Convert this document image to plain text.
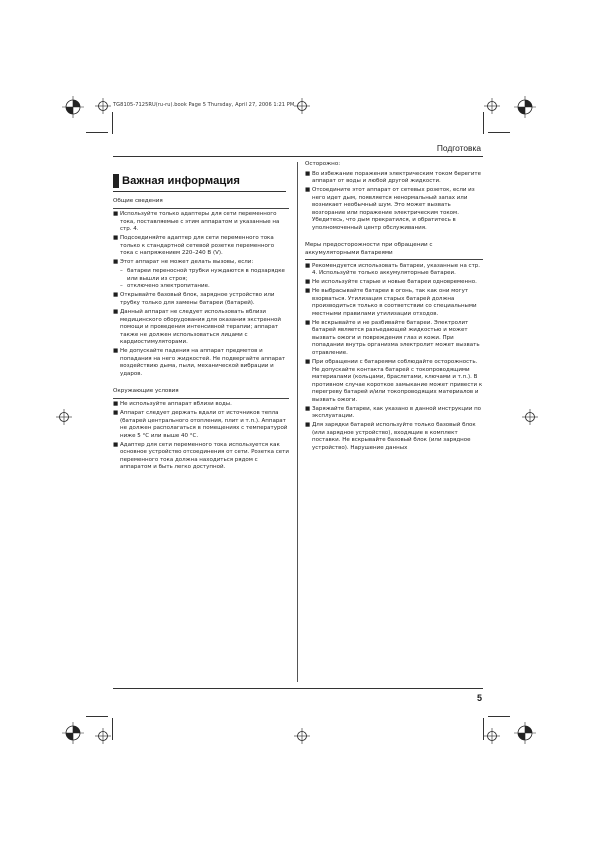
TG8105-7125RU(ru-ru).book Page 5 Thursday, April 27, 2006 1:21 PM
Подготовка
Важная информация
Общие сведения
■ Используйте только адаптеры для сети переменного тока, поставляемые с этим аппаратом и указанные на стр. 4.
■ Подсоединяйте адаптер для сети переменного тока только к стандартной сетевой розетке переменного тока с напряжением 220–240 В (V).
■ Этот аппарат не может делать вызовы, если:
– батареи переносной трубки нуждаются в подзарядке или вышли из строя;
– отключено электропитание.
■ Открывайте базовый блок, зарядное устройство или трубку только для замены батареи (батарей).
■ Данный аппарат не следует использовать вблизи медицинского оборудования для оказания экстренной помощи и проведения интенсивной терапии; аппарат также не должен использоваться лицами с кардиостимуляторами.
■ Не допускайте падения на аппарат предметов и попадания на него жидкостей. Не подвергайте аппарат воздействию дыма, пыли, механической вибрации и ударов.
Окружающие условия
■ Не используйте аппарат вблизи воды.
■ Аппарат следует держать вдали от источников тепла (батарей центрального отопления, плит и т.п.). Аппарат не должен располагаться в помещениях с температурой ниже 5 °C или выше 40 °C.
■ Адаптер для сети переменного тока используется как основное устройство отсоединения от сети. Розетка сети переменного тока должна находиться рядом с аппаратом и быть легко доступной.
Осторожно:
■ Во избежание поражения электрическим током берегите аппарат от воды и любой другой жидкости.
■ Отсоедините этот аппарат от сетевых розеток, если из него идет дым, появляется ненормальный запах или возникает необычный шум. Это может вызвать возгорание или поражение электрическим током. Убедитесь, что дым прекратился, и обратитесь в уполномоченный центр обслуживания.
Меры предосторожности при обращении с аккумуляторными батареями
■ Рекомендуется использовать батареи, указанные на стр. 4. Используйте только аккумуляторные батареи.
■ Не используйте старые и новые батареи одновременно.
■ Не выбрасывайте батареи в огонь, так как они могут взорваться. Утилизация старых батарей должна производиться только в соответствии со специальными местными правилами утилизации отходов.
■ Не вскрывайте и не разбивайте батареи. Электролит батарей является разъедающей жидкостью и может вызвать ожоги и повреждения глаз и кожи. При попадании внутрь организма электролит может вызвать отравление.
■ При обращении с батареями соблюдайте осторожность. Не допускайте контакта батарей с токопроводящими материалами (кольцами, браслетами, ключами и т.п.). В противном случае короткое замыкание может привести к перегреву батарей и/или токопроводящих материалов и вызвать ожоги.
■ Заряжайте батареи, как указано в данной инструкции по эксплуатации.
■ Для зарядки батарей используйте только базовый блок (или зарядное устройство), входящие в комплект поставки. Не вскрывайте базовый блок (или зарядное устройство). Нарушение данных
5
